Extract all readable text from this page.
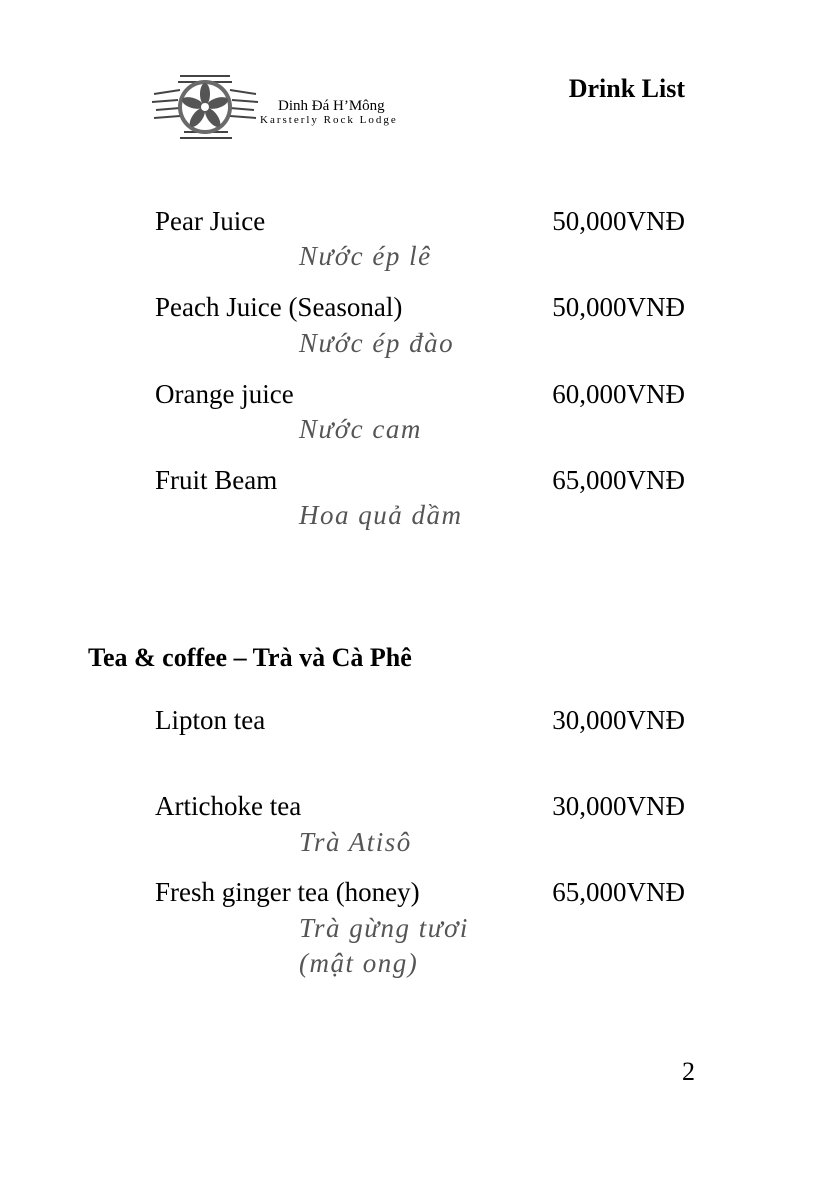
Dinh Đá H’Mông
Karsterly Rock Lodge
Drink List
Pear Juice	50,000VNĐ
Nước ép lê
Peach Juice (Seasonal)	50,000VNĐ
Nước ép đào
Orange juice	60,000VNĐ
Nước cam
Fruit Beam	65,000VNĐ
Hoa quả dầm
Tea & coffee – Trà và Cà Phê
Lipton tea	30,000VNĐ
Artichoke tea	30,000VNĐ
Trà Atisô
Fresh ginger tea (honey)	65,000VNĐ
Trà gừng tươi
(mật ong)
2
